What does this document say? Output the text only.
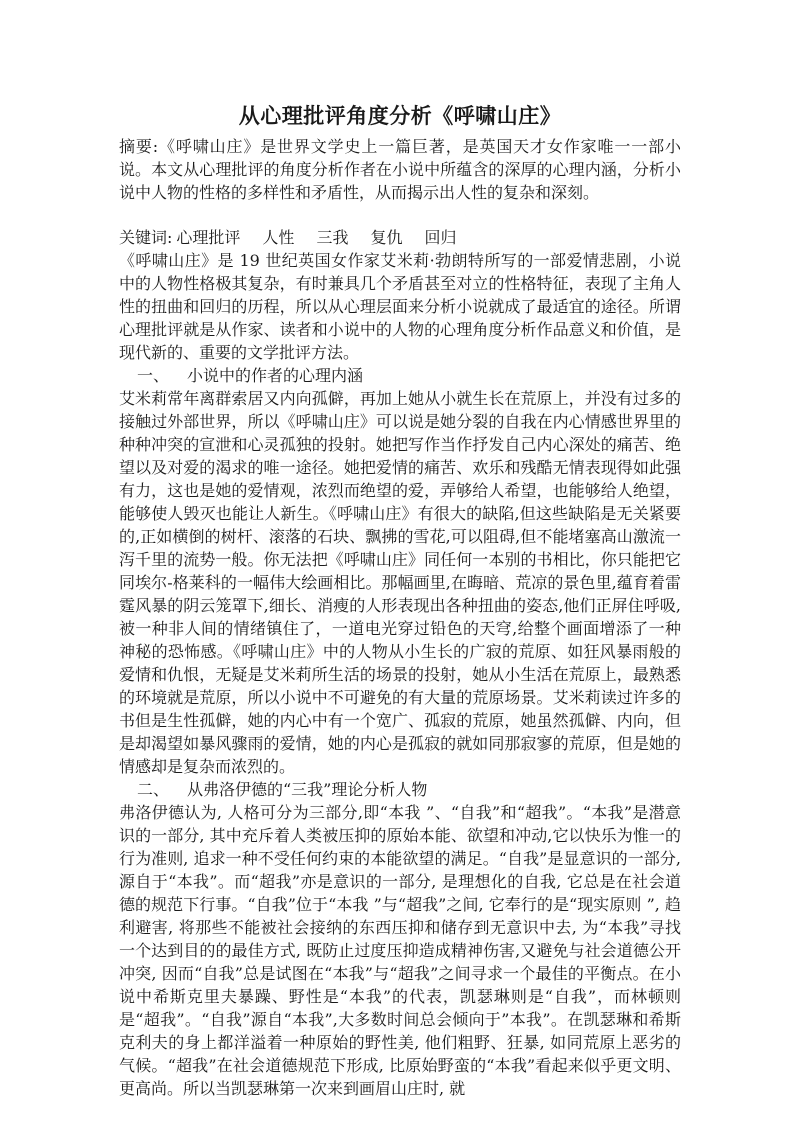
从心理批评角度分析《呼啸山庄》

摘要:《呼啸山庄》是世界文学史上一篇巨著，是英国天才女作家唯一一部小说。本文从心理批评的角度分析作者在小说中所蕴含的深厚的心理内涵，分析小说中人物的性格的多样性和矛盾性，从而揭示出人性的复杂和深刻。

关键词: 心理批评 人性 三我 复仇 回归

《呼啸山庄》是 19 世纪英国女作家艾米莉·勃朗特所写的一部爱情悲剧，小说中的人物性格极其复杂，有时兼具几个矛盾甚至对立的性格特征，表现了主角人性的扭曲和回归的历程，所以从心理层面来分析小说就成了最适宜的途径。所谓心理批评就是从作家、读者和小说中的人物的心理角度分析作品意义和价值，是现代新的、重要的文学批评方法。

一、 小说中的作者的心理内涵

艾米莉常年离群索居又内向孤僻，再加上她从小就生长在荒原上，并没有过多的接触过外部世界，所以《呼啸山庄》可以说是她分裂的自我在内心情感世界里的种种冲突的宣泄和心灵孤独的投射。她把写作当作抒发自己内心深处的痛苦、绝望以及对爱的渴求的唯一途径。她把爱情的痛苦、欢乐和残酷无情表现得如此强有力，这也是她的爱情观，浓烈而绝望的爱，弄够给人希望，也能够给人绝望，能够使人毁灭也能让人新生。《呼啸山庄》有很大的缺陷,但这些缺陷是无关紧要的,正如横倒的树杆、滚落的石块、飘拂的雪花,可以阻碍,但不能堵塞高山激流一泻千里的流势一般。你无法把《呼啸山庄》同任何一本别的书相比，你只能把它同埃尔-格莱科的一幅伟大绘画相比。那幅画里,在晦暗、荒凉的景色里,蕴育着雷霆风暴的阴云笼罩下,细长、消瘦的人形表现出各种扭曲的姿态,他们正屏住呼吸,被一种非人间的情绪镇住了，一道电光穿过铅色的天穹,给整个画面增添了一种神秘的恐怖感。《呼啸山庄》中的人物从小生长的广寂的荒原、如狂风暴雨般的爱情和仇恨，无疑是艾米莉所生活的场景的投射，她从小生活在荒原上，最熟悉的环境就是荒原，所以小说中不可避免的有大量的荒原场景。艾米莉读过许多的书但是生性孤僻，她的内心中有一个宽广、孤寂的荒原，她虽然孤僻、内向，但是却渴望如暴风骤雨的爱情，她的内心是孤寂的就如同那寂寥的荒原，但是她的情感却是复杂而浓烈的。

二、 从弗洛伊德的“三我”理论分析人物

弗洛伊德认为, 人格可分为三部分,即“本我 ”、“自我”和“超我”。“本我”是潜意识的一部分, 其中充斥着人类被压抑的原始本能、欲望和冲动,它以快乐为惟一的行为准则, 追求一种不受任何约束的本能欲望的满足。“自我”是显意识的一部分, 源自于“本我”。而“超我”亦是意识的一部分, 是理想化的自我, 它总是在社会道德的规范下行事。“自我”位于“本我 ”与“超我”之间, 它奉行的是“现实原则 ”, 趋利避害, 将那些不能被社会接纳的东西压抑和储存到无意识中去, 为“本我”寻找一个达到目的的最佳方式, 既防止过度压抑造成精神伤害,又避免与社会道德公开冲突, 因而“自我”总是试图在“本我”与“超我”之间寻求一个最佳的平衡点。在小说中希斯克里夫暴躁、野性是“本我”的代表，凯瑟琳则是“自我”，而林顿则是“超我”。“自我”源自“本我”,大多数时间总会倾向于”本我”。在凯瑟琳和希斯克利夫的身上都洋溢着一种原始的野性美, 他们粗野、狂暴, 如同荒原上恶劣的气候。“超我”在社会道德规范下形成, 比原始野蛮的“本我”看起来似乎更文明、更高尚。所以当凯瑟琳第一次来到画眉山庄时, 就
